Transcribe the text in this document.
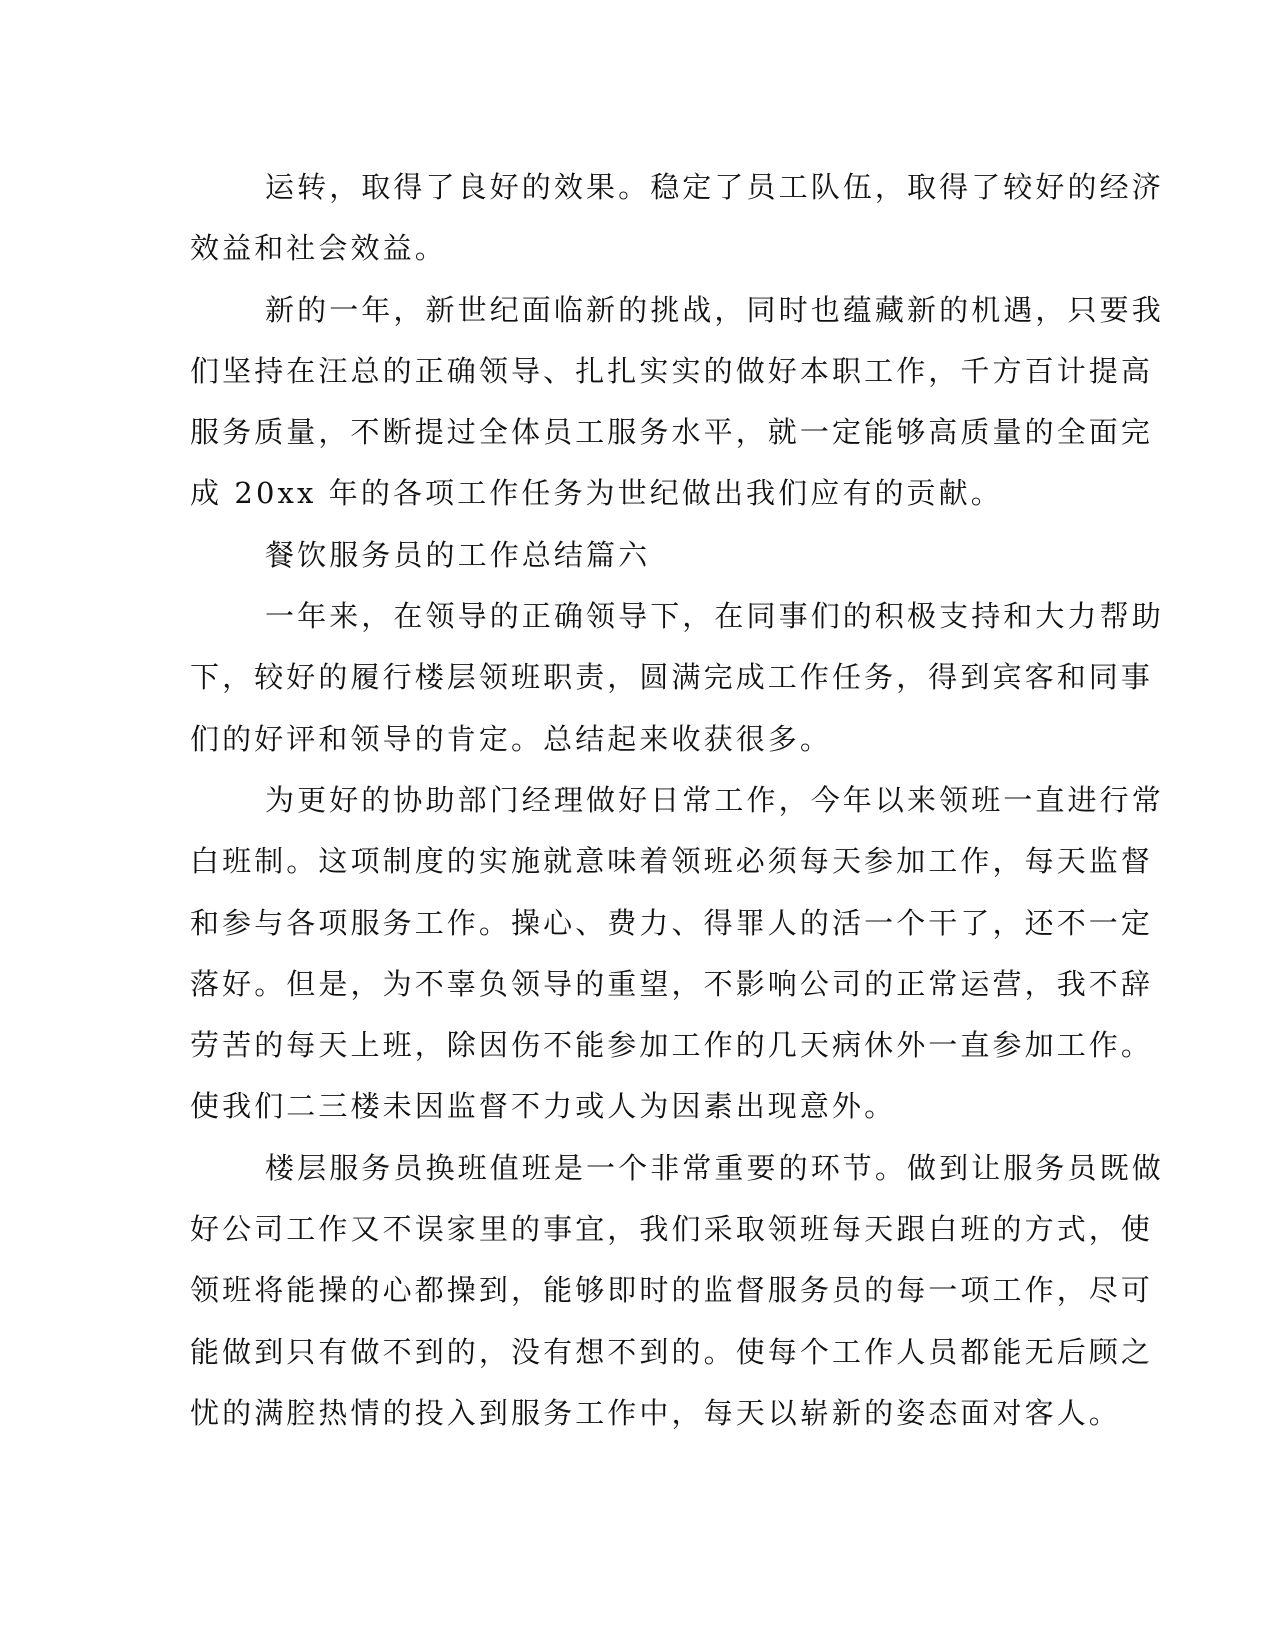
运转，取得了良好的效果。稳定了员工队伍，取得了较好的经济
效益和社会效益。
新的一年，新世纪面临新的挑战，同时也蕴藏新的机遇，只要我
们坚持在汪总的正确领导、扎扎实实的做好本职工作，千方百计提高
服务质量，不断提过全体员工服务水平，就一定能够高质量的全面完
成 20xx 年的各项工作任务为世纪做出我们应有的贡献。
餐饮服务员的工作总结篇六
一年来，在领导的正确领导下，在同事们的积极支持和大力帮助
下，较好的履行楼层领班职责，圆满完成工作任务，得到宾客和同事
们的好评和领导的肯定。总结起来收获很多。
为更好的协助部门经理做好日常工作，今年以来领班一直进行常
白班制。这项制度的实施就意味着领班必须每天参加工作，每天监督
和参与各项服务工作。操心、费力、得罪人的活一个干了，还不一定
落好。但是，为不辜负领导的重望，不影响公司的正常运营，我不辞
劳苦的每天上班，除因伤不能参加工作的几天病休外一直参加工作。
使我们二三楼未因监督不力或人为因素出现意外。
楼层服务员换班值班是一个非常重要的环节。做到让服务员既做
好公司工作又不误家里的事宜，我们采取领班每天跟白班的方式，使
领班将能操的心都操到，能够即时的监督服务员的每一项工作，尽可
能做到只有做不到的，没有想不到的。使每个工作人员都能无后顾之
忧的满腔热情的投入到服务工作中，每天以崭新的姿态面对客人。
